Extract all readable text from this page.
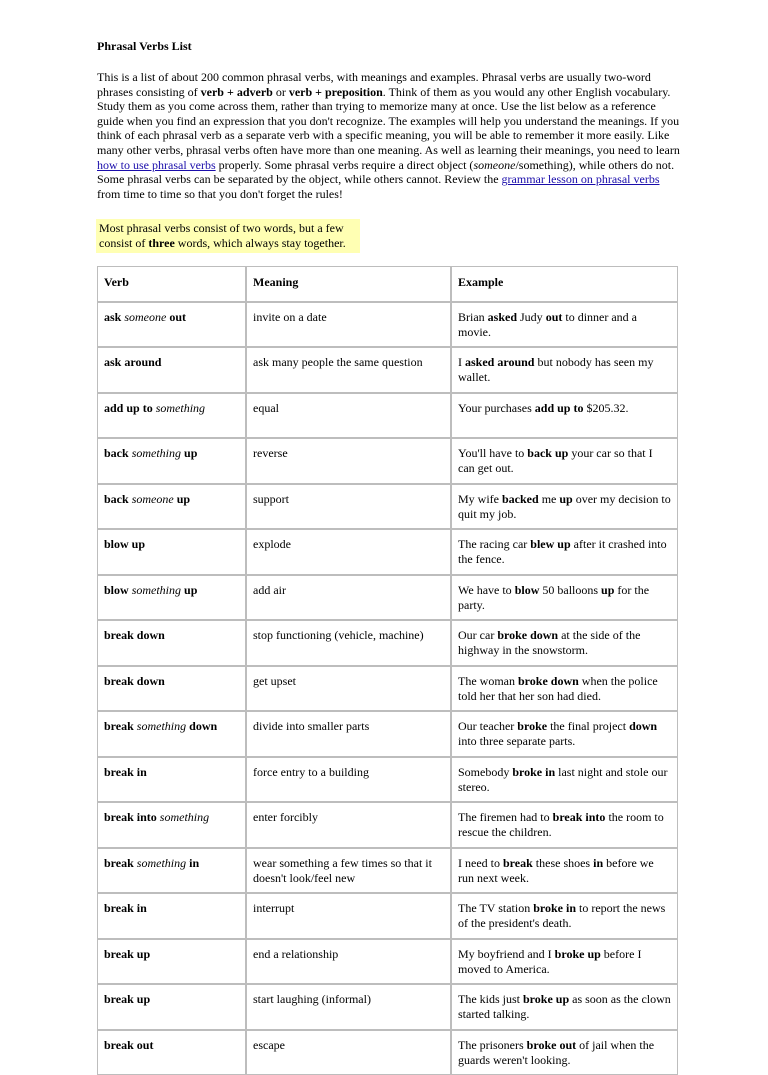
Phrasal Verbs List

This is a list of about 200 common phrasal verbs, with meanings and examples. Phrasal verbs are usually two-word phrases consisting of verb + adverb or verb + preposition. Think of them as you would any other English vocabulary. Study them as you come across them, rather than trying to memorize many at once. Use the list below as a reference guide when you find an expression that you don't recognize. The examples will help you understand the meanings. If you think of each phrasal verb as a separate verb with a specific meaning, you will be able to remember it more easily. Like many other verbs, phrasal verbs often have more than one meaning. As well as learning their meanings, you need to learn how to use phrasal verbs properly. Some phrasal verbs require a direct object (someone/something), while others do not. Some phrasal verbs can be separated by the object, while others cannot. Review the grammar lesson on phrasal verbs from time to time so that you don't forget the rules!

Most phrasal verbs consist of two words, but a few consist of three words, which always stay together.
Verb	Meaning	Example
ask someone out	invite on a date	Brian asked Judy out to dinner and a movie.
ask around	ask many people the same question	I asked around but nobody has seen my wallet.
add up to something	equal	Your purchases add up to $205.32.
back something up	reverse	You'll have to back up your car so that I can get out.
back someone up	support	My wife backed me up over my decision to quit my job.
blow up	explode	The racing car blew up after it crashed into the fence.
blow something up	add air	We have to blow 50 balloons up for the party.
break down	stop functioning (vehicle, machine)	Our car broke down at the side of the highway in the snowstorm.
break down	get upset	The woman broke down when the police told her that her son had died.
break something down	divide into smaller parts	Our teacher broke the final project down into three separate parts.
break in	force entry to a building	Somebody broke in last night and stole our stereo.
break into something	enter forcibly	The firemen had to break into the room to rescue the children.
break something in	wear something a few times so that it doesn't look/feel new	I need to break these shoes in before we run next week.
break in	interrupt	The TV station broke in to report the news of the president's death.
break up	end a relationship	My boyfriend and I broke up before I moved to America.
break up	start laughing (informal)	The kids just broke up as soon as the clown started talking.
break out	escape	The prisoners broke out of jail when the guards weren't looking.
